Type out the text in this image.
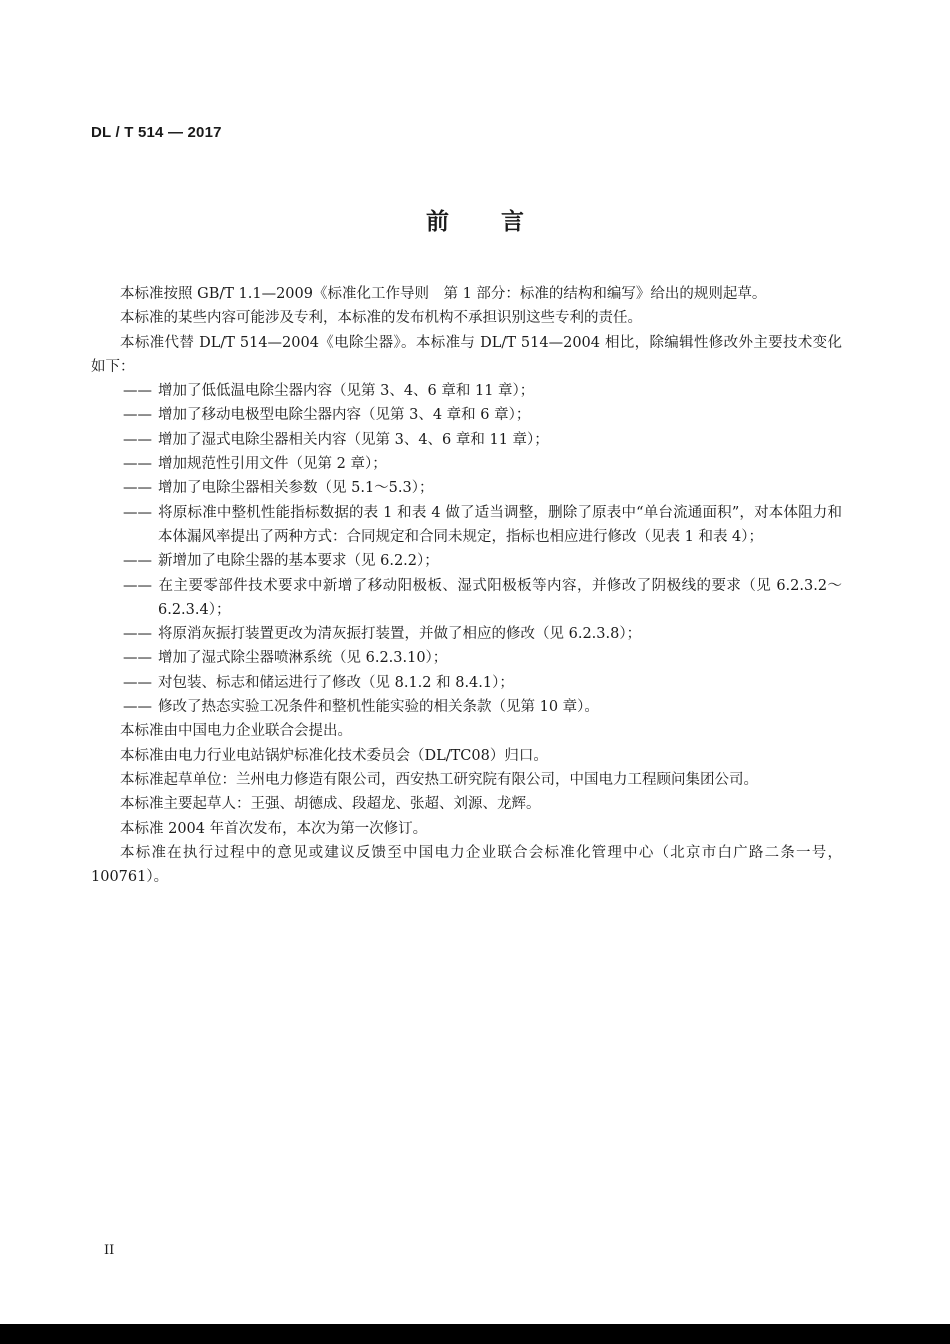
DL / T 514 — 2017

前言

本标准按照 GB/T 1.1—2009《标准化工作导则　第 1 部分：标准的结构和编写》给出的规则起草。

本标准的某些内容可能涉及专利，本标准的发布机构不承担识别这些专利的责任。

本标准代替 DL/T 514—2004《电除尘器》。本标准与 DL/T 514—2004 相比，除编辑性修改外主要技术变化如下：

—— 增加了低低温电除尘器内容（见第 3、4、6 章和 11 章）；
—— 增加了移动电极型电除尘器内容（见第 3、4 章和 6 章）；
—— 增加了湿式电除尘器相关内容（见第 3、4、6 章和 11 章）；
—— 增加规范性引用文件（见第 2 章）；
—— 增加了电除尘器相关参数（见 5.1～5.3）；
—— 将原标准中整机性能指标数据的表 1 和表 4 做了适当调整，删除了原表中“单台流通面积”，对本体阻力和本体漏风率提出了两种方式：合同规定和合同未规定，指标也相应进行修改（见表 1 和表 4）；
—— 新增加了电除尘器的基本要求（见 6.2.2）；
—— 在主要零部件技术要求中新增了移动阳极板、湿式阳极板等内容，并修改了阴极线的要求（见 6.2.3.2～6.2.3.4）；
—— 将原消灰振打装置更改为清灰振打装置，并做了相应的修改（见 6.2.3.8）；
—— 增加了湿式除尘器喷淋系统（见 6.2.3.10）；
—— 对包装、标志和储运进行了修改（见 8.1.2 和 8.4.1）；
—— 修改了热态实验工况条件和整机性能实验的相关条款（见第 10 章）。

本标准由中国电力企业联合会提出。

本标准由电力行业电站锅炉标准化技术委员会（DL/TC08）归口。

本标准起草单位：兰州电力修造有限公司，西安热工研究院有限公司，中国电力工程顾问集团公司。

本标准主要起草人：王强、胡德成、段超龙、张超、刘源、龙辉。

本标准 2004 年首次发布，本次为第一次修订。

本标准在执行过程中的意见或建议反馈至中国电力企业联合会标准化管理中心（北京市白广路二条一号，100761）。

II
